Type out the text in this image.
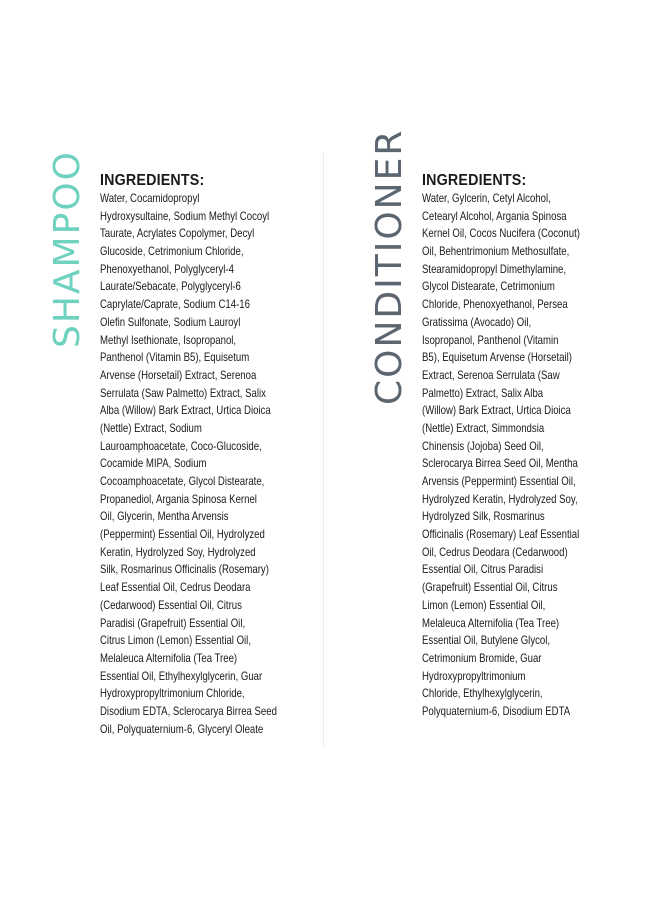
SHAMPOO INGREDIENTS:
Water, Cocamidopropyl
Hydroxysultaine, Sodium Methyl Cocoyl
Taurate, Acrylates Copolymer, Decyl
Glucoside, Cetrimonium Chloride,
Phenoxyethanol, Polyglyceryl-4
Laurate/Sebacate, Polyglyceryl-6
Caprylate/Caprate, Sodium C14-16
Olefin Sulfonate, Sodium Lauroyl
Methyl Isethionate, Isopropanol,
Panthenol (Vitamin B5), Equisetum
Arvense (Horsetail) Extract, Serenoa
Serrulata (Saw Palmetto) Extract, Salix
Alba (Willow) Bark Extract, Urtica Dioica
(Nettle) Extract, Sodium
Lauroamphoacetate, Coco-Glucoside,
Cocamide MIPA, Sodium
Cocoamphoacetate, Glycol Distearate,
Propanediol, Argania Spinosa Kernel
Oil, Glycerin, Mentha Arvensis
(Peppermint) Essential Oil, Hydrolyzed
Keratin, Hydrolyzed Soy, Hydrolyzed
Silk, Rosmarinus Officinalis (Rosemary)
Leaf Essential Oil, Cedrus Deodara
(Cedarwood) Essential Oil, Citrus
Paradisi (Grapefruit) Essential Oil,
Citrus Limon (Lemon) Essential Oil,
Melaleuca Alternifolia (Tea Tree)
Essential Oil, Ethylhexylglycerin, Guar
Hydroxypropyltrimonium Chloride,
Disodium EDTA, Sclerocarya Birrea Seed
Oil, Polyquaternium-6, Glyceryl Oleate
CONDITIONER INGREDIENTS:
Water, Gylcerin, Cetyl Alcohol,
Cetearyl Alcohol, Argania Spinosa
Kernel Oil, Cocos Nucifera (Coconut)
Oil, Behentrimonium Methosulfate,
Stearamidopropyl Dimethylamine,
Glycol Distearate, Cetrimonium
Chloride, Phenoxyethanol, Persea
Gratissima (Avocado) Oil,
Isopropanol, Panthenol (Vitamin
B5), Equisetum Arvense (Horsetail)
Extract, Serenoa Serrulata (Saw
Palmetto) Extract, Salix Alba
(Willow) Bark Extract, Urtica Dioica
(Nettle) Extract, Simmondsia
Chinensis (Jojoba) Seed Oil,
Sclerocarya Birrea Seed Oil, Mentha
Arvensis (Peppermint) Essential Oil,
Hydrolyzed Keratin, Hydrolyzed Soy,
Hydrolyzed Silk, Rosmarinus
Officinalis (Rosemary) Leaf Essential
Oil, Cedrus Deodara (Cedarwood)
Essential Oil, Citrus Paradisi
(Grapefruit) Essential Oil, Citrus
Limon (Lemon) Essential Oil,
Melaleuca Alternifolia (Tea Tree)
Essential Oil, Butylene Glycol,
Cetrimonium Bromide, Guar
Hydroxypropyltrimonium
Chloride, Ethylhexylglycerin,
Polyquaternium-6, Disodium EDTA
